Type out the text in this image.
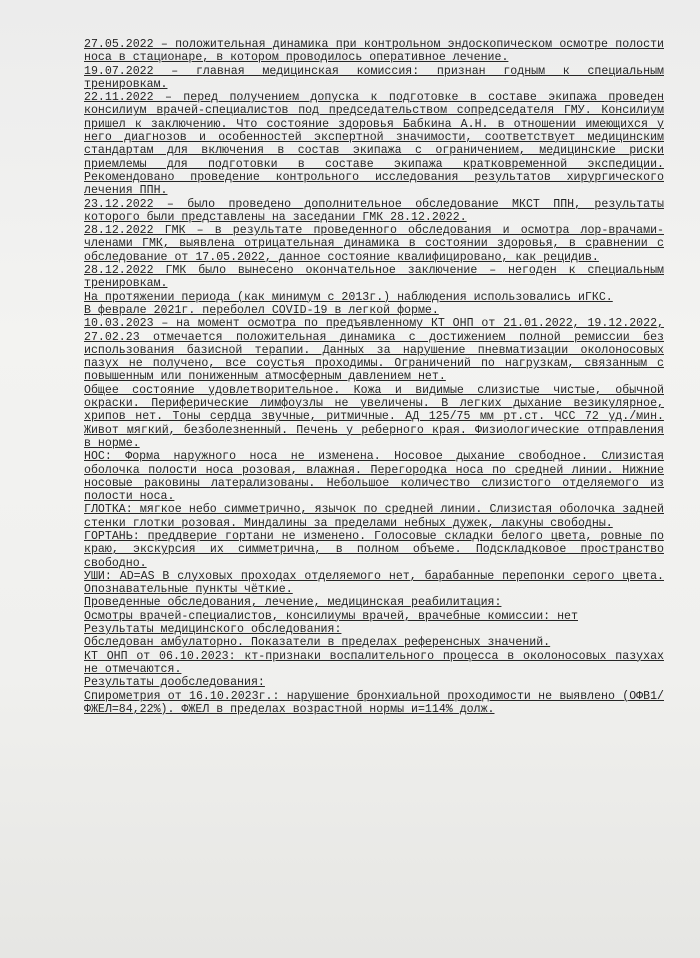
27.05.2022 – положительная динамика при контрольном эндоскопическом осмотре полости носа в стационаре, в котором проводилось оперативное лечение.

19.07.2022 – главная медицинская комиссия: признан годным к специальным тренировкам.

22.11.2022 – перед получением допуска к подготовке в составе экипажа проведен консилиум врачей-специалистов под председательством сопредседателя ГМУ. Консилиум пришел к заключению. Что состояние здоровья Бабкина А.Н. в отношении имеющихся у него диагнозов и особенностей экспертной значимости, соответствует медицинским стандартам для включения в состав экипажа с ограничением, медицинские риски приемлемы для подготовки в составе экипажа кратковременной экспедиции. Рекомендовано проведение контрольного исследования результатов хирургического лечения ППН.

23.12.2022 – было проведено дополнительное обследование МКСТ ППН, результаты которого были представлены на заседании ГМК 28.12.2022.

28.12.2022 ГМК – в результате проведенного обследования и осмотра лор-врачами-членами ГМК, выявлена отрицательная динамика в состоянии здоровья, в сравнении с обследование от 17.05.2022, данное состояние квалифицировано, как рецидив.

28.12.2022 ГМК было вынесено окончательное заключение – негоден к специальным тренировкам.

На протяжении периода (как минимум с 2013г.) наблюдения использовались иГКС.

В феврале 2021г. переболел COVID-19 в легкой форме.

10.03.2023 – на момент осмотра по предъявленному КТ ОНП от 21.01.2022, 19.12.2022, 27.02.23 отмечается положительная динамика с достижением полной ремиссии без использования базисной терапии. Данных за нарушение пневматизации околоносовых пазух не получено, все соустья проходимы. Ограничений по нагрузкам, связанным с повышенным или пониженным атмосферным давлением нет.

Общее состояние удовлетворительное. Кожа и видимые слизистые чистые, обычной окраски. Периферические лимфоузлы не увеличены. В легких дыхание везикулярное, хрипов нет. Тоны сердца звучные, ритмичные. АД 125/75 мм рт.ст. ЧСС 72 уд./мин. Живот мягкий, безболезненный. Печень у реберного края. Физиологические отправления в норме.

НОС: Форма наружного носа не изменена. Носовое дыхание свободное. Слизистая оболочка полости носа розовая, влажная. Перегородка носа по средней линии. Нижние носовые раковины латерализованы. Небольшое количество слизистого отделяемого из полости носа.

ГЛОТКА: мягкое небо симметрично, язычок по средней линии. Слизистая оболочка задней стенки глотки розовая. Миндалины за пределами небных дужек, лакуны свободны.

ГОРТАНЬ: преддверие гортани не изменено. Голосовые складки белого цвета, ровные по краю, экскурсия их симметрична, в полном объеме. Подскладковое пространство свободно.

УШИ: AD=AS В слуховых проходах отделяемого нет, барабанные перепонки серого цвета. Опознавательные пункты чёткие.

Проведенные обследования, лечение, медицинская реабилитация:

Осмотры врачей-специалистов, консилиумы врачей, врачебные комиссии: нет

Результаты медицинского обследования:

Обследован амбулаторно. Показатели в пределах референсных значений.

КТ ОНП от 06.10.2023: кт-признаки воспалительного процесса в околоносовых пазухах не отмечаются.

Результаты дообследования:

Спирометрия от 16.10.2023г.: нарушение бронхиальной проходимости не выявлено (ОФВ1/ФЖЕЛ=84,22%). ФЖЕЛ в пределах возрастной нормы и=114% долж.
